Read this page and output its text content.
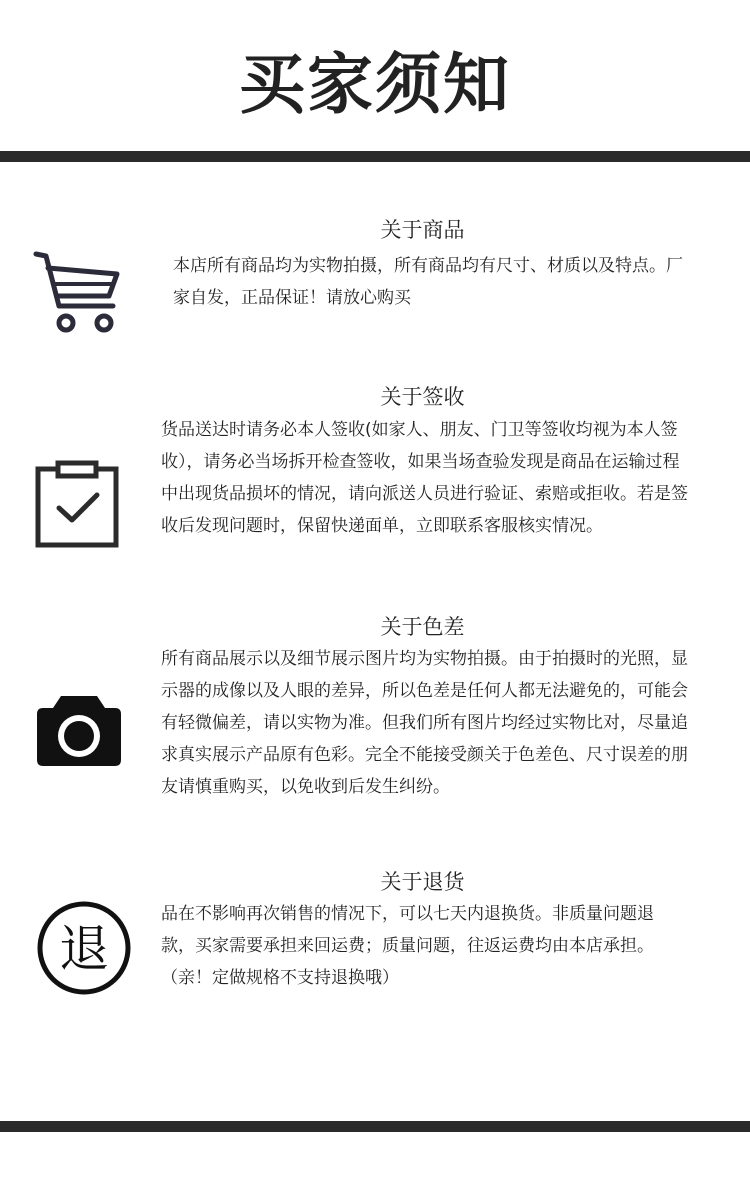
买家须知
关于商品

本店所有商品均为实物拍摄，所有商品均有尺寸、材质以及特点。厂家自发，正品保证！请放心购买

关于签收

货品送达时请务必本人签收(如家人、朋友、门卫等签收均视为本人签收），请务必当场拆开检查签收，如果当场查验发现是商品在运输过程中出现货品损坏的情况，请向派送人员进行验证、索赔或拒收。若是签收后发现问题时，保留快递面单，立即联系客服核实情况。

关于色差

所有商品展示以及细节展示图片均为实物拍摄。由于拍摄时的光照，显示器的成像以及人眼的差异，所以色差是任何人都无法避免的，可能会有轻微偏差，请以实物为准。但我们所有图片均经过实物比对，尽量追求真实展示产品原有色彩。完全不能接受颜关于色差色、尺寸误差的朋友请慎重购买，以免收到后发生纠纷。

退
关于退货

品在不影响再次销售的情况下，可以七天内退换货。非质量问题退款，买家需要承担来回运费；质量问题，往返运费均由本店承担。（亲！定做规格不支持退换哦）
